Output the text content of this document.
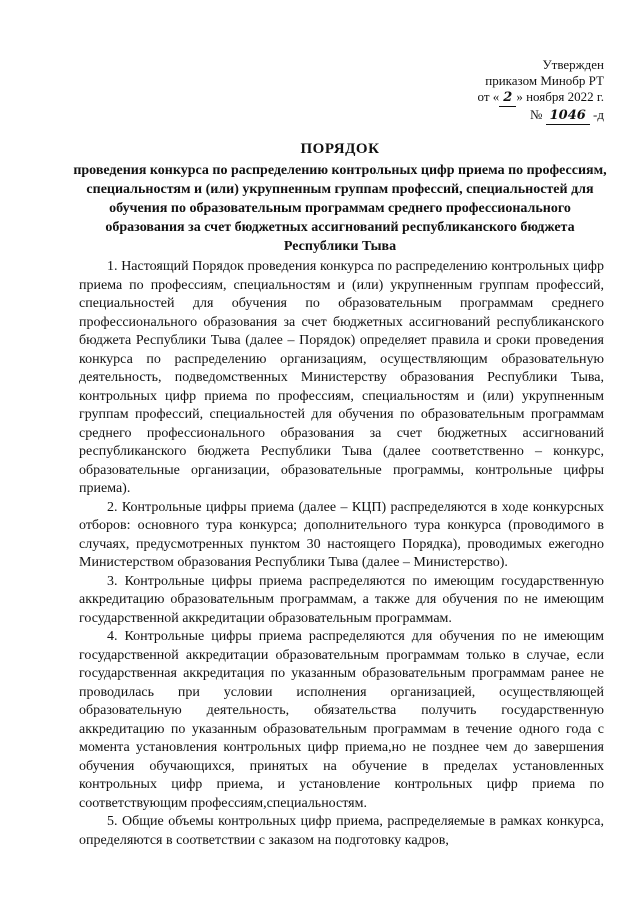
Утвержден
приказом Минобр РТ
от « 2 » ноября 2022 г.
№ 1046 -д
ПОРЯДОК

проведения конкурса по распределению контрольных цифр приема по профессиям, специальностям и (или) укрупненным группам профессий, специальностей для обучения по образовательным программам среднего профессионального образования за счет бюджетных ассигнований республиканского бюджета Республики Тыва

1. Настоящий Порядок проведения конкурса по распределению контрольных цифр приема по профессиям, специальностям и (или) укрупненным группам профессий, специальностей для обучения по образовательным программам среднего профессионального образования за счет бюджетных ассигнований республиканского бюджета Республики Тыва (далее – Порядок) определяет правила и сроки проведения конкурса по распределению организациям, осуществляющим образовательную деятельность, подведомственных Министерству образования Республики Тыва, контрольных цифр приема по профессиям, специальностям и (или) укрупненным группам профессий, специальностей для обучения по образовательным программам среднего профессионального образования за счет бюджетных ассигнований республиканского бюджета Республики Тыва (далее соответственно – конкурс, образовательные организации, образовательные программы, контрольные цифры приема).

2. Контрольные цифры приема (далее – КЦП) распределяются в ходе конкурсных отборов: основного тура конкурса; дополнительного тура конкурса (проводимого в случаях, предусмотренных пунктом 30 настоящего Порядка), проводимых ежегодно Министерством образования Республики Тыва (далее – Министерство).

3. Контрольные цифры приема распределяются по имеющим государственную аккредитацию образовательным программам, а также для обучения по не имеющим государственной аккредитации образовательным программам.

4. Контрольные цифры приема распределяются для обучения по не имеющим государственной аккредитации образовательным программам только в случае, если государственная аккредитация по указанным образовательным программам ранее не проводилась при условии исполнения организацией, осуществляющей образовательную деятельность, обязательства получить государственную аккредитацию по указанным образовательным программам в течение одного года с момента установления контрольных цифр приема,но не позднее чем до завершения обучения обучающихся, принятых на обучение в пределах установленных контрольных цифр приема, и установление контрольных цифр приема по соответствующим профессиям,специальностям.

5. Общие объемы контрольных цифр приема, распределяемые в рамках конкурса, определяются в соответствии с заказом на подготовку кадров,
